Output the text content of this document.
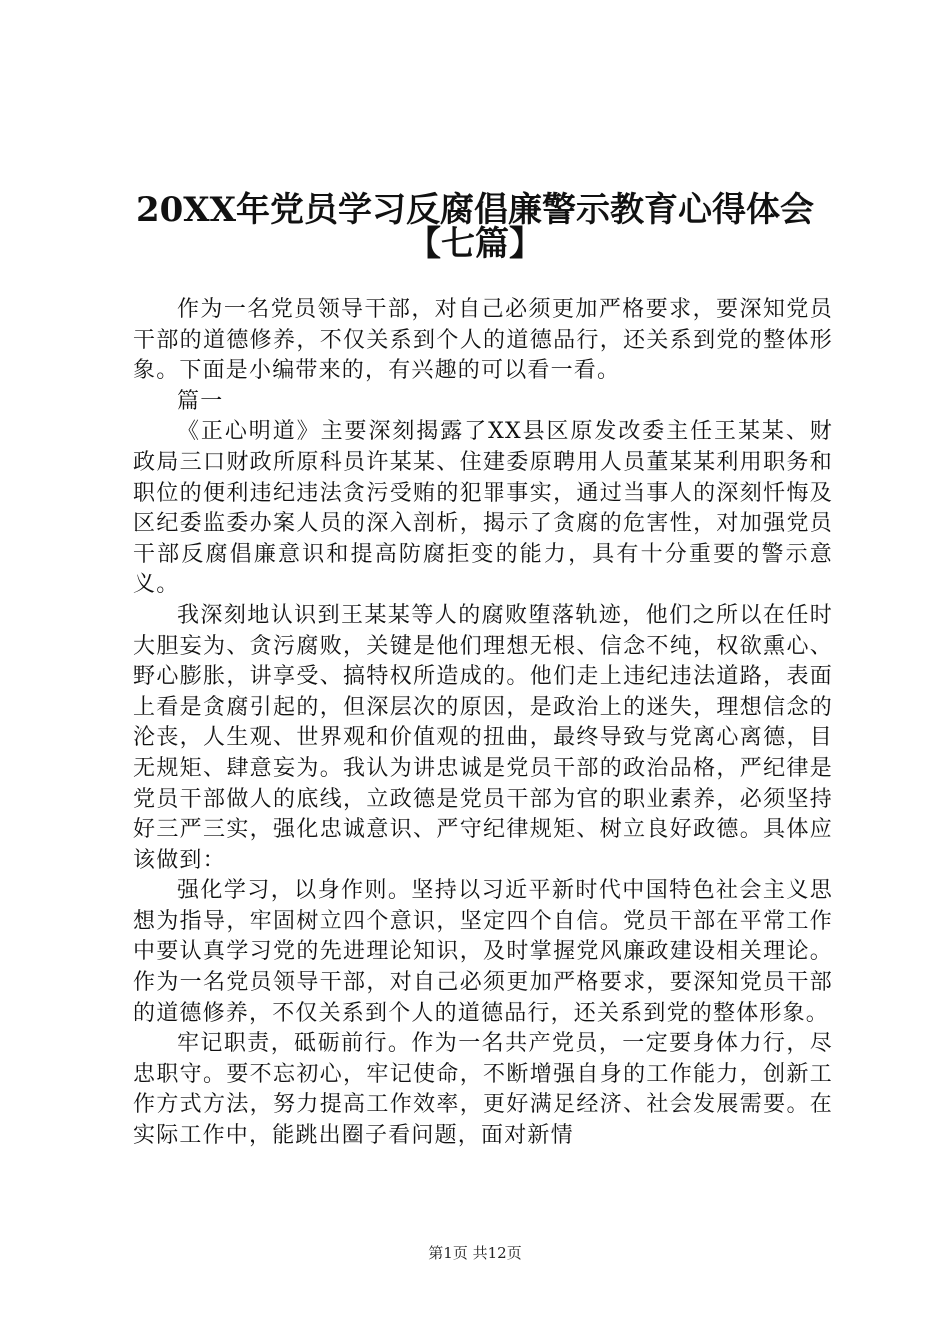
20XX年党员学习反腐倡廉警示教育心得体会
【七篇】

作为一名党员领导干部，对自己必须更加严格要求，要深知党员干部的道德修养，不仅关系到个人的道德品行，还关系到党的整体形象。下面是小编带来的，有兴趣的可以看一看。

篇一

《正心明道》主要深刻揭露了XX县区原发改委主任王某某、财政局三口财政所原科员许某某、住建委原聘用人员董某某利用职务和职位的便利违纪违法贪污受贿的犯罪事实，通过当事人的深刻忏悔及区纪委监委办案人员的深入剖析，揭示了贪腐的危害性，对加强党员干部反腐倡廉意识和提高防腐拒变的能力，具有十分重要的警示意义。

我深刻地认识到王某某等人的腐败堕落轨迹，他们之所以在任时大胆妄为、贪污腐败，关键是他们理想无根、信念不纯，权欲熏心、野心膨胀，讲享受、搞特权所造成的。他们走上违纪违法道路，表面上看是贪腐引起的，但深层次的原因，是政治上的迷失，理想信念的沦丧，人生观、世界观和价值观的扭曲，最终导致与党离心离德，目无规矩、肆意妄为。我认为讲忠诚是党员干部的政治品格，严纪律是党员干部做人的底线，立政德是党员干部为官的职业素养，必须坚持好三严三实，强化忠诚意识、严守纪律规矩、树立良好政德。具体应该做到：

强化学习，以身作则。坚持以习近平新时代中国特色社会主义思想为指导，牢固树立四个意识，坚定四个自信。党员干部在平常工作中要认真学习党的先进理论知识，及时掌握党风廉政建设相关理论。作为一名党员领导干部，对自己必须更加严格要求，要深知党员干部的道德修养，不仅关系到个人的道德品行，还关系到党的整体形象。

牢记职责，砥砺前行。作为一名共产党员，一定要身体力行，尽忠职守。要不忘初心，牢记使命，不断增强自身的工作能力，创新工作方式方法，努力提高工作效率，更好满足经济、社会发展需要。在实际工作中，能跳出圈子看问题，面对新情

第1页 共12页
